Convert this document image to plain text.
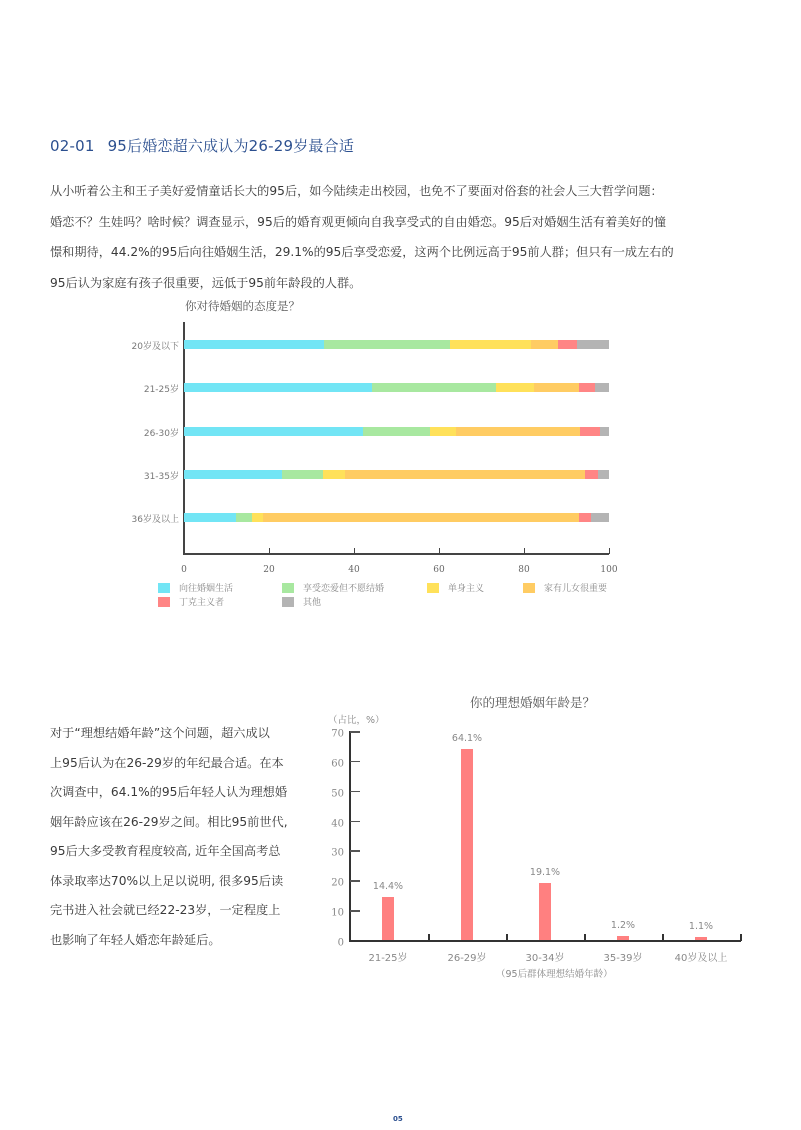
02-01 95后婚恋超六成认为26-29岁最合适

从小听着公主和王子美好爱情童话长大的95后，如今陆续走出校园，也免不了要面对俗套的社会人三大哲学问题：

婚恋不？生娃吗？啥时候？调查显示，95后的婚育观更倾向自我享受式的自由婚恋。95后对婚姻生活有着美好的憧

憬和期待，44.2%的95后向往婚姻生活，29.1%的95后享受恋爱，这两个比例远高于95前人群；但只有一成左右的

95后认为家庭有孩子很重要，远低于95前年龄段的人群。

你对待婚姻的态度是？
20岁及以下
21-25岁
26-30岁
31-35岁
36岁及以上
0	20	40	60	80	100
向往婚姻生活	享受恋爱但不愿结婚	单身主义	家有儿女很重要
丁克主义者	其他

对于“理想结婚年龄”这个问题，超六成以

上95后认为在26-29岁的年纪最合适。在本

次调查中，64.1%的95后年轻人认为理想婚

姻年龄应该在26-29岁之间。相比95前世代,

95后大多受教育程度较高, 近年全国高考总

体录取率达70%以上足以说明, 很多95后读

完书进入社会就已经22-23岁，一定程度上

也影响了年轻人婚恋年龄延后。

你的理想婚姻年龄是？
（占比，%）
（95后群体理想结婚年龄）
0
10
20
30
40
50
60
70
14.4%
21-25岁
64.1%
26-29岁
19.1%
30-34岁
1.2%
35-39岁
1.1%
40岁及以上
05
